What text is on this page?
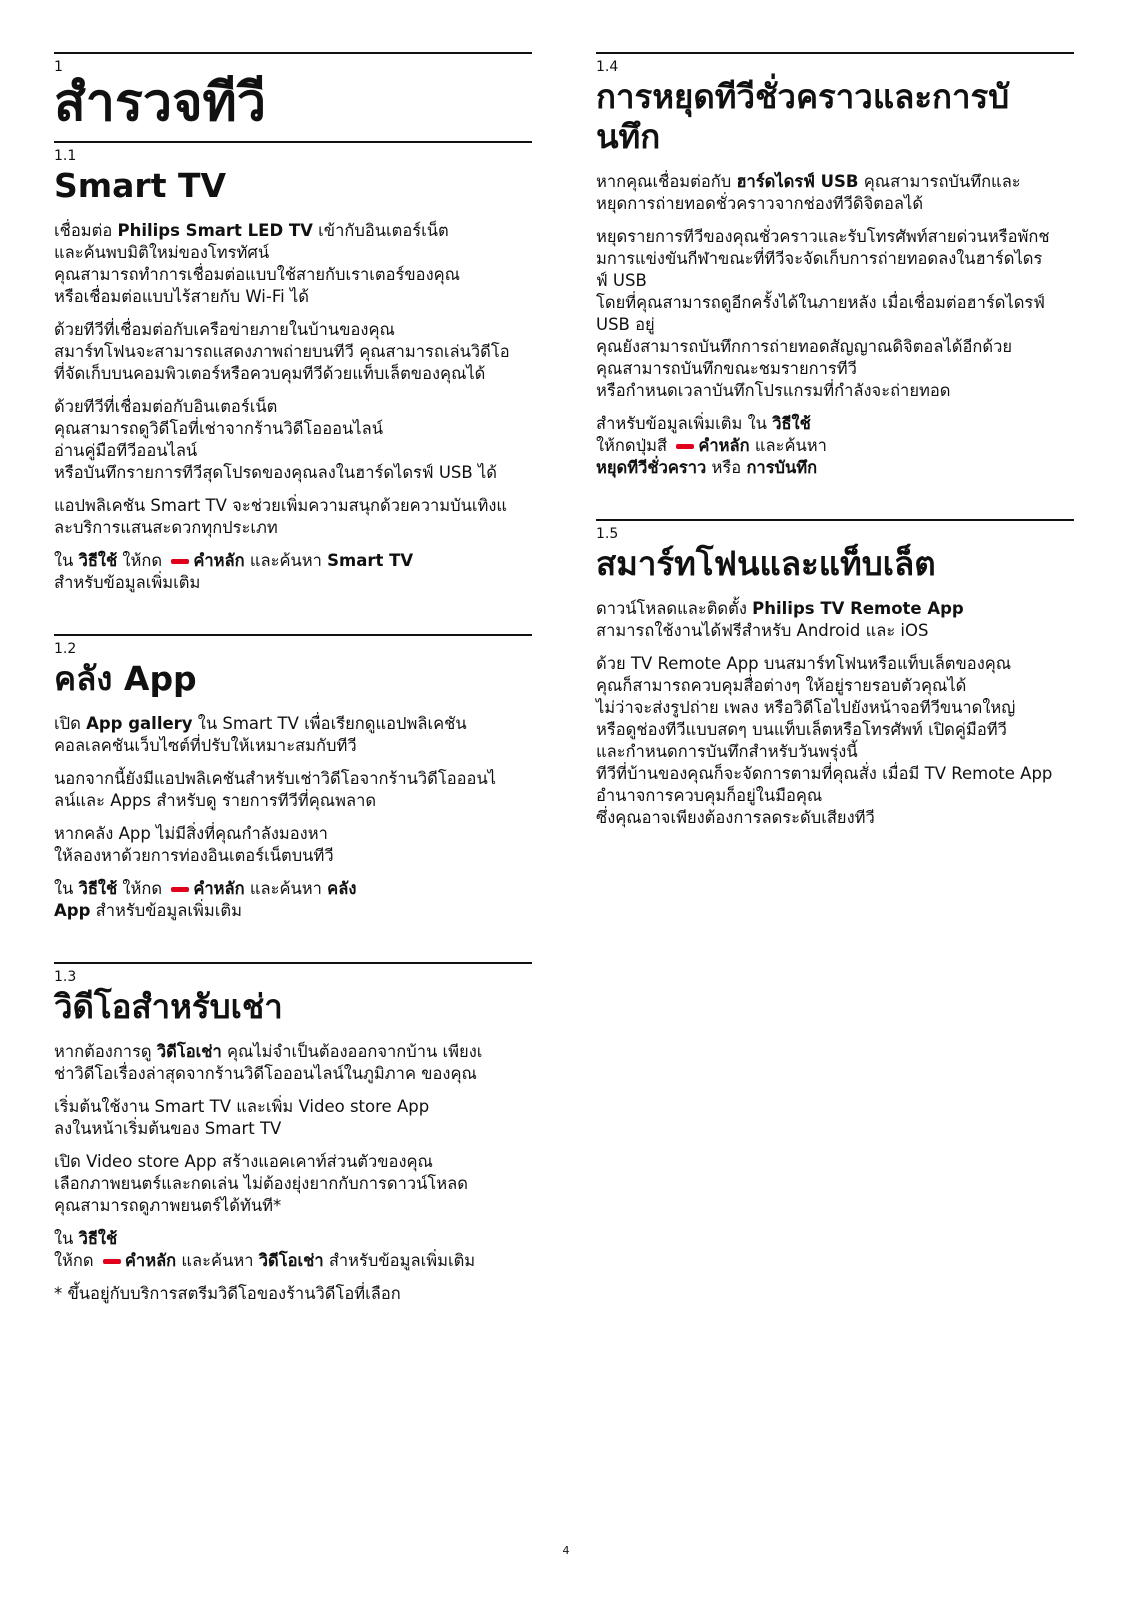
1
สำรวจทีวี
1.1
Smart TV

เชื่อมต่อ Philips Smart LED TV เข้ากับอินเตอร์เน็ต
และค้นพบมิติใหม่ของโทรทัศน์
คุณสามารถทำการเชื่อมต่อแบบใช้สายกับเราเตอร์ของคุณ
หรือเชื่อมต่อแบบไร้สายกับ Wi-Fi ได้

ด้วยทีวีที่เชื่อมต่อกับเครือข่ายภายในบ้านของคุณ
สมาร์ทโฟนจะสามารถแสดงภาพถ่ายบนทีวี คุณสามารถเล่นวิดีโอ
ที่จัดเก็บบนคอมพิวเตอร์หรือควบคุมทีวีด้วยแท็บเล็ตของคุณได้

ด้วยทีวีที่เชื่อมต่อกับอินเตอร์เน็ต
คุณสามารถดูวิดีโอที่เช่าจากร้านวิดีโอออนไลน์
อ่านคู่มือทีวีออนไลน์
หรือบันทึกรายการทีวีสุดโปรดของคุณลงในฮาร์ดไดรฟ์ USB ได้

แอปพลิเคชัน Smart TV จะช่วยเพิ่มความสนุกด้วยความบันเทิงแ
ละบริการแสนสะดวกทุกประเภท

ใน วิธีใช้ ให้กด คำหลัก และค้นหา Smart TV
สำหรับข้อมูลเพิ่มเติม

1.2
คลัง App

เปิด App gallery ใน Smart TV เพื่อเรียกดูแอปพลิเคชัน
คอลเลคชันเว็บไซต์ที่ปรับให้เหมาะสมกับทีวี

นอกจากนี้ยังมีแอปพลิเคชันสำหรับเช่าวิดีโอจากร้านวิดีโอออนไ
ลน์และ Apps สำหรับดู รายการทีวีที่คุณพลาด

หากคลัง App ไม่มีสิ่งที่คุณกำลังมองหา
ให้ลองหาด้วยการท่องอินเตอร์เน็ตบนทีวี

ใน วิธีใช้ ให้กด คำหลัก และค้นหา คลัง
App สำหรับข้อมูลเพิ่มเติม

1.3
วิดีโอสำหรับเช่า

หากต้องการดู วิดีโอเช่า คุณไม่จำเป็นต้องออกจากบ้าน เพียงเ
ช่าวิดีโอเรื่องล่าสุดจากร้านวิดีโอออนไลน์ในภูมิภาค ของคุณ

เริ่มต้นใช้งาน Smart TV และเพิ่ม Video store App
ลงในหน้าเริ่มต้นของ Smart TV

เปิด Video store App สร้างแอคเคาท์ส่วนตัวของคุณ
เลือกภาพยนตร์และกดเล่น ไม่ต้องยุ่งยากกับการดาวน์โหลด
คุณสามารถดูภาพยนตร์ได้ทันที*

ใน วิธีใช้
ให้กด คำหลัก และค้นหา วิดีโอเช่า สำหรับข้อมูลเพิ่มเติม

* ขึ้นอยู่กับบริการสตรีมวิดีโอของร้านวิดีโอที่เลือก

1.4
การหยุดทีวีชั่วคราวและการบั
นทึก

หากคุณเชื่อมต่อกับ ฮาร์ดไดรฟ์ USB คุณสามารถบันทึกและ
หยุดการถ่ายทอดชั่วคราวจากช่องทีวีดิจิตอลได้

หยุดรายการทีวีของคุณชั่วคราวและรับโทรศัพท์สายด่วนหรือพักช
มการแข่งขันกีฬาขณะที่ทีวีจะจัดเก็บการถ่ายทอดลงในฮาร์ดไดร
ฟ์ USB
โดยที่คุณสามารถดูอีกครั้งได้ในภายหลัง เมื่อเชื่อมต่อฮาร์ดไดรฟ์
USB อยู่
คุณยังสามารถบันทึกการถ่ายทอดสัญญาณดิจิตอลได้อีกด้วย
คุณสามารถบันทึกขณะชมรายการทีวี
หรือกำหนดเวลาบันทึกโปรแกรมที่กำลังจะถ่ายทอด

สำหรับข้อมูลเพิ่มเติม ใน วิธีใช้
ให้กดปุ่มสี คำหลัก และค้นหา
หยุดทีวีชั่วคราว หรือ การบันทึก

1.5
สมาร์ทโฟนและแท็บเล็ต

ดาวน์โหลดและติดตั้ง Philips TV Remote App
สามารถใช้งานได้ฟรีสำหรับ Android และ iOS

ด้วย TV Remote App บนสมาร์ทโฟนหรือแท็บเล็ตของคุณ
คุณก็สามารถควบคุมสื่อต่างๆ ให้อยู่รายรอบตัวคุณได้
ไม่ว่าจะส่งรูปถ่าย เพลง หรือวิดีโอไปยังหน้าจอทีวีขนาดใหญ่
หรือดูช่องทีวีแบบสดๆ บนแท็บเล็ตหรือโทรศัพท์ เปิดคู่มือทีวี
และกำหนดการบันทึกสำหรับวันพรุ่งนี้
ทีวีที่บ้านของคุณก็จะจัดการตามที่คุณสั่ง เมื่อมี TV Remote App
อำนาจการควบคุมก็อยู่ในมือคุณ
ซึ่งคุณอาจเพียงต้องการลดระดับเสียงทีวี

4
